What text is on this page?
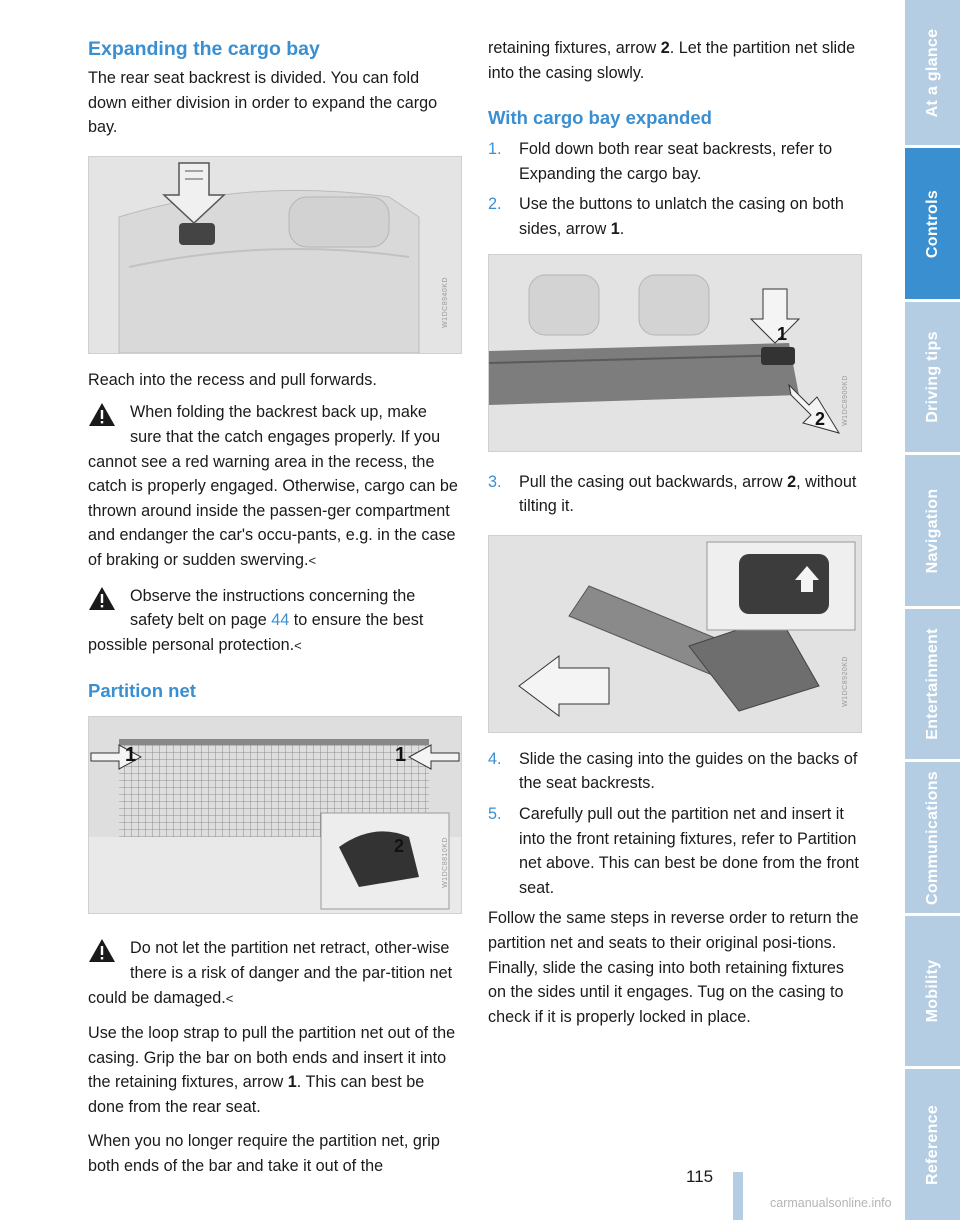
Expanding the cargo bay

The rear seat backrest is divided. You can fold down either division in order to expand the cargo bay.

W1DC8940KD

Reach into the recess and pull forwards.

When folding the backrest back up, make sure that the catch engages properly. If you cannot see a red warning area in the recess, the catch is properly engaged. Otherwise, cargo can be thrown around inside the passen-ger compartment and endanger the car's occu-pants, e.g. in the case of braking or sudden swerving.<
Observe the instructions concerning the safety belt on page 44 to ensure the best possible personal protection.<
Partition net
1	1
2	W1DC8810KD
Do not let the partition net retract, other-wise there is a risk of danger and the par-tition net could be damaged.<

Use the loop strap to pull the partition net out of the casing. Grip the bar on both ends and insert it into the retaining fixtures, arrow 1. This can best be done from the rear seat.

When you no longer require the partition net, grip both ends of the bar and take it out of the

retaining fixtures, arrow 2. Let the partition net slide into the casing slowly.

With cargo bay expanded
1. Fold down both rear seat backrests, refer to Expanding the cargo bay.
2. Use the buttons to unlatch the casing on both sides, arrow 1.
1
2	W1DC8900KD
3. Pull the casing out backwards, arrow 2, without tilting it.
W1DC8920KD
4. Slide the casing into the guides on the backs of the seat backrests.
5. Carefully pull out the partition net and insert it into the front retaining fixtures, refer to Partition net above. This can best be done from the front seat.

Follow the same steps in reverse order to return the partition net and seats to their original posi-tions. Finally, slide the casing into both retaining fixtures on the sides until it engages. Tug on the casing to check if it is properly locked in place.

At a glance
Controls
Driving tips
Navigation
Entertainment
Communications
Mobility
Reference
115
carmanualsonline.info
